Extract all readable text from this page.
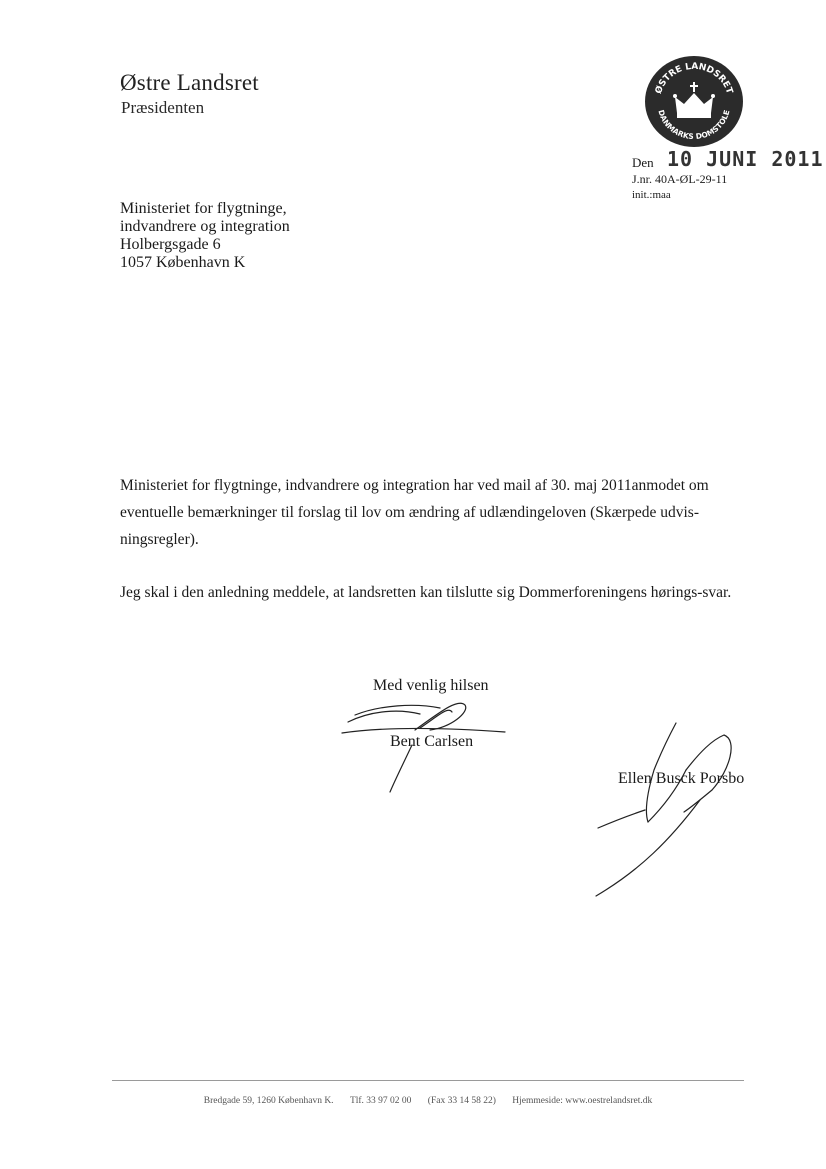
Østre Landsret
Præsidenten
ØSTRE LANDSRET
DANMARKS DOMSTOLE
Den 10 JUNI 2011
J.nr. 40A-ØL-29-11
init.:maa
Ministeriet for flygtninge,
indvandrere og integration
Holbergsgade 6
1057 København K
Ministeriet for flygtninge, indvandrere og integration har ved mail af 30. maj 2011anmodet om eventuelle bemærkninger til forslag til lov om ændring af udlændingeloven (Skærpede udvis-ningsregler).
Jeg skal i den anledning meddele, at landsretten kan tilslutte sig Dommerforeningens hørings-svar.
Med venlig hilsen
Bent Carlsen
Ellen Busck Porsbo
Bredgade 59, 1260 København K. Tlf. 33 97 02 00 (Fax 33 14 58 22) Hjemmeside: www.oestrelandsret.dk
